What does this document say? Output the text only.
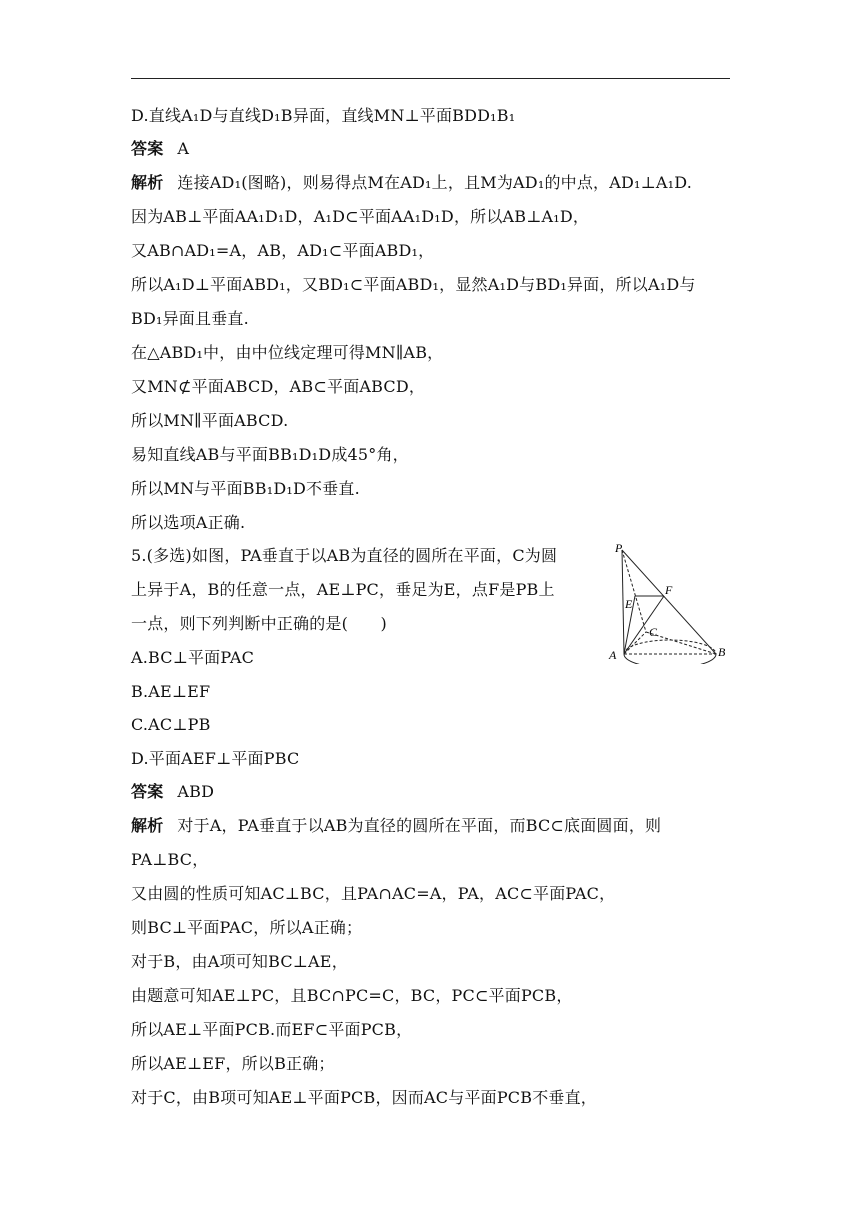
D.直线A₁D与直线D₁B异面，直线MN⊥平面BDD₁B₁
答案 A
解析 连接AD₁(图略)，则易得点M在AD₁上，且M为AD₁的中点，AD₁⊥A₁D.
因为AB⊥平面AA₁D₁D，A₁D⊂平面AA₁D₁D，所以AB⊥A₁D，
又AB∩AD₁=A，AB，AD₁⊂平面ABD₁，
所以A₁D⊥平面ABD₁，又BD₁⊂平面ABD₁，显然A₁D与BD₁异面，所以A₁D与
BD₁异面且垂直.
在△ABD₁中，由中位线定理可得MN∥AB，
又MN⊄平面ABCD，AB⊂平面ABCD，
所以MN∥平面ABCD.
易知直线AB与平面BB₁D₁D成45°角，
所以MN与平面BB₁D₁D不垂直.
所以选项A正确.
5.(多选)如图，PA垂直于以AB为直径的圆所在平面，C为圆
上异于A，B的任意一点，AE⊥PC，垂足为E，点F是PB上
一点，则下列判断中正确的是(　　)
A.BC⊥平面PAC
B.AE⊥EF
C.AC⊥PB
D.平面AEF⊥平面PBC
答案 ABD
解析 对于A，PA垂直于以AB为直径的圆所在平面，而BC⊂底面圆面，则
PA⊥BC，
又由圆的性质可知AC⊥BC，且PA∩AC=A，PA，AC⊂平面PAC，
则BC⊥平面PAC，所以A正确；
对于B，由A项可知BC⊥AE，
由题意可知AE⊥PC，且BC∩PC=C，BC，PC⊂平面PCB，
所以AE⊥平面PCB.而EF⊂平面PCB，
所以AE⊥EF，所以B正确；
对于C，由B项可知AE⊥平面PCB，因而AC与平面PCB不垂直，
P
F
E
C
A	B
